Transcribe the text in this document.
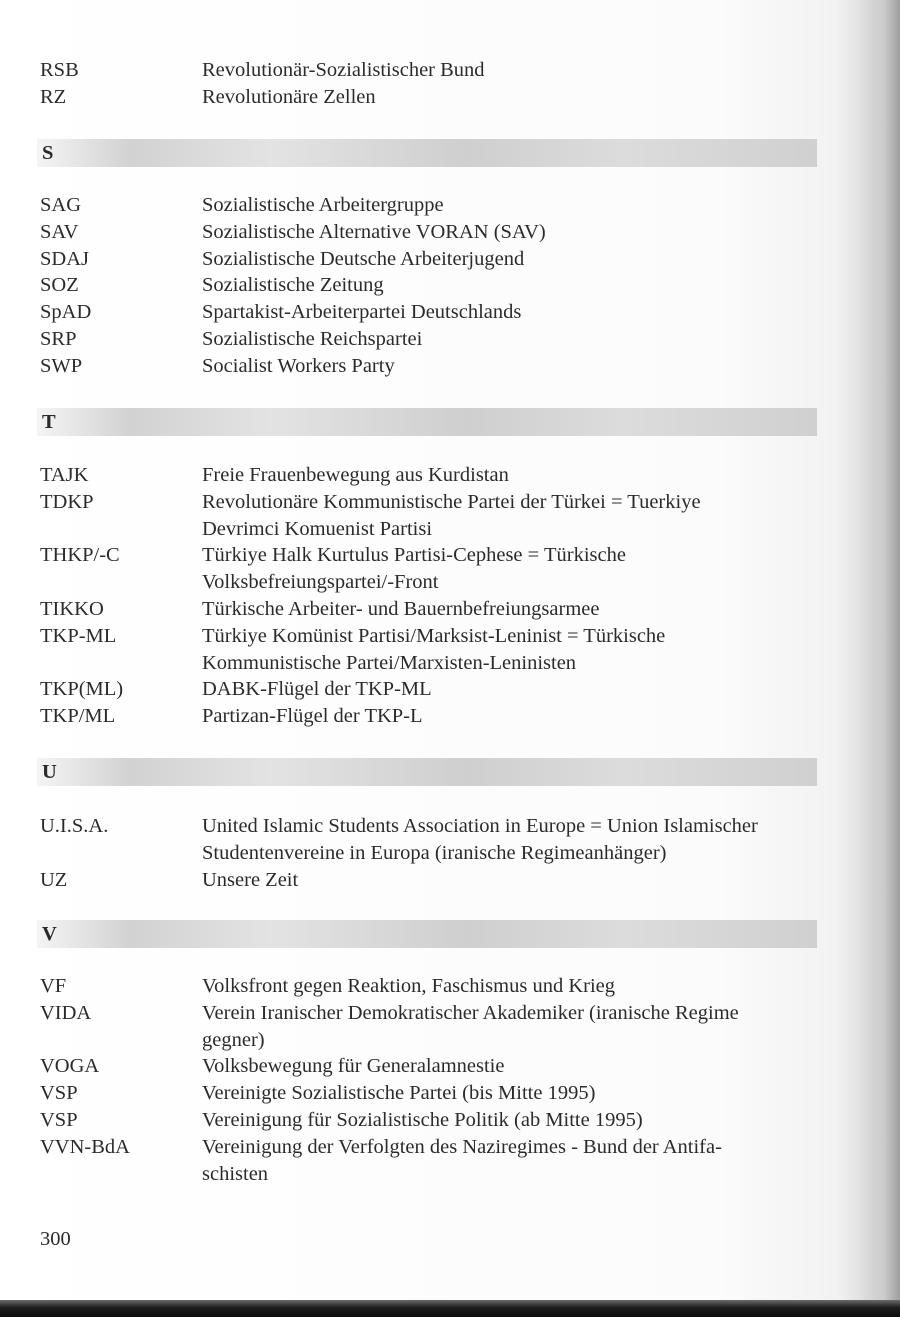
RSB	Revolutionär-Sozialistischer Bund
RZ	Revolutionäre Zellen
S
SAG	Sozialistische Arbeitergruppe
SAV	Sozialistische Alternative VORAN (SAV)
SDAJ	Sozialistische Deutsche Arbeiterjugend
SOZ	Sozialistische Zeitung
SpAD	Spartakist-Arbeiterpartei Deutschlands
SRP	Sozialistische Reichspartei
SWP	Socialist Workers Party
T
TAJK	Freie Frauenbewegung aus Kurdistan
TDKP	Revolutionäre Kommunistische Partei der Türkei = Tuerkiye
Devrimci Komuenist Partisi
THKP/-C	Türkiye Halk Kurtulus Partisi-Cephese = Türkische
Volksbefreiungspartei/-Front
TIKKO	Türkische Arbeiter- und Bauernbefreiungsarmee
TKP-ML	Türkiye Komünist Partisi/Marksist-Leninist = Türkische
Kommunistische Partei/Marxisten-Leninisten
TKP(ML)	DABK-Flügel der TKP-ML
TKP/ML	Partizan-Flügel der TKP-L
U
U.I.S.A.	United Islamic Students Association in Europe = Union Islamischer
Studentenvereine in Europa (iranische Regimeanhänger)
UZ	Unsere Zeit
V
VF	Volksfront gegen Reaktion, Faschismus und Krieg
VIDA	Verein Iranischer Demokratischer Akademiker (iranische Regime
gegner)
VOGA	Volksbewegung für Generalamnestie
VSP	Vereinigte Sozialistische Partei (bis Mitte 1995)
VSP	Vereinigung für Sozialistische Politik (ab Mitte 1995)
VVN-BdA	Vereinigung der Verfolgten des Naziregimes - Bund der Antifa-
schisten
300
